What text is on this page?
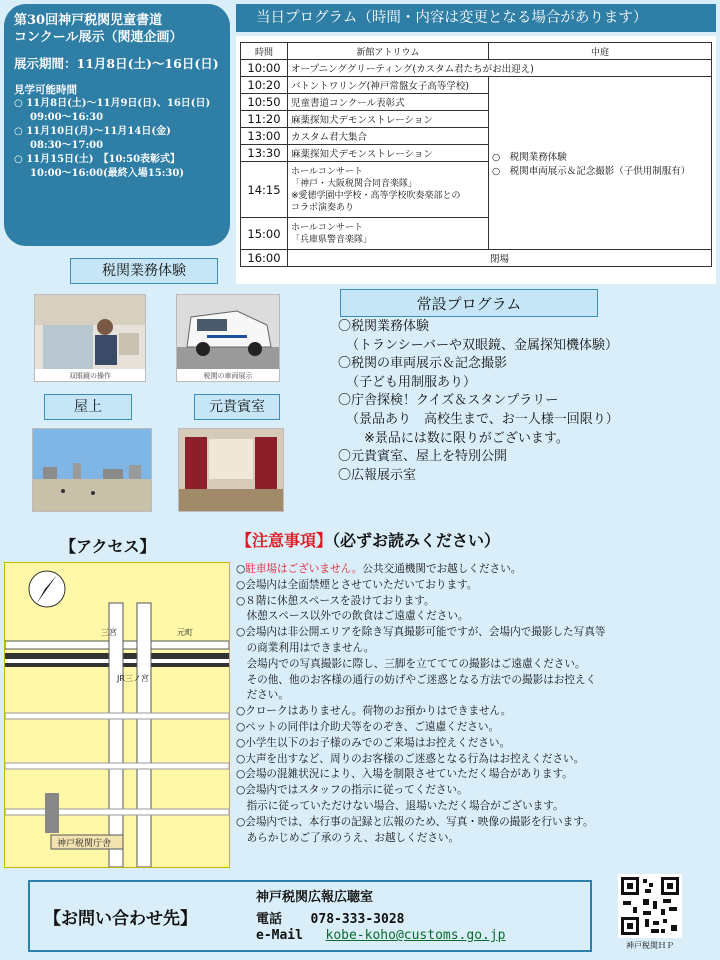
第30回神戸税関児童書道
コンクール展示（関連企画）
展示期間：11月8日(土)～16日(日)
見学可能時間
○ 11月8日(土)～11月9日(日)、16日(日)
09:00～16:30
○ 11月10日(月)～11月14日(金)
08:30～17:00
○ 11月15日(土)　【10:50表彰式】
10:00～16:00(最終入場15:30)
当日プログラム（時間・内容は変更となる場合があります）
時間	新館アトリウム	中庭
10:00	オープニンググリーティング(カスタム君たちがお出迎え)	
10:20	バトントワリング(神戸常盤女子高等学校)	○　税関業務体験
○　税関車両展示＆記念撮影（子供用制服有）

10:50	児童書道コンクール表彰式	
11:20	麻薬探知犬デモンストレーション	
13:00	カスタム君大集合	
13:30	麻薬探知犬デモンストレーション	
14:15	ホールコンサート
「神戸・大阪税関合同音楽隊」
※愛徳学園中学校・高等学校吹奏楽部との
コラボ演奏あり	
15:00	ホールコンサート
「兵庫県警音楽隊」	
16:00	閉場	
税関業務体験
双眼鏡の操作	税関の車両展示
屋上	元貴賓室
常設プログラム
〇税関業務体験
（トランシーバーや双眼鏡、金属探知機体験）
〇税関の車両展示＆記念撮影
（子ども用制服あり）
〇庁舎探検！クイズ＆スタンプラリー
（景品あり　高校生まで、お一人様一回限り）
※景品には数に限りがございます。
〇元貴賓室、屋上を特別公開
〇広報展示室
【アクセス】
三宮	元町
JR三ノ宮
神戸税関庁舎
【注意事項】（必ずお読みください）
○駐車場はございません。公共交通機関でお越しください。
○会場内は全面禁煙とさせていただいております。
○８階に休憩スペースを設けております。
　休憩スペース以外での飲食はご遠慮ください。
○会場内は非公開エリアを除き写真撮影可能ですが、会場内で撮影した写真等
　の商業利用はできません。
　会場内での写真撮影に際し、三脚を立ててての撮影はご遠慮ください。
　その他、他のお客様の通行の妨げやご迷惑となる方法での撮影はお控えく
　ださい。
○クロークはありません。荷物のお預かりはできません。
○ペットの同伴は介助犬等をのぞき、ご遠慮ください。
○小学生以下のお子様のみでのご来場はお控えください。
○大声を出すなど、周りのお客様のご迷惑となる行為はお控えください。
○会場の混雑状況により、入場を制限させていただく場合があります。
○会場内ではスタッフの指示に従ってください。
　指示に従っていただけない場合、退場いただく場合がございます。
○会場内では、本行事の記録と広報のため、写真・映像の撮影を行います。
　あらかじめご了承のうえ、お越しください。
【お問い合わせ先】
神戸税関広報広聴室
電話 078-333-3028
e-Mail kobe-koho@customs.go.jp
神戸税関ＨＰ
